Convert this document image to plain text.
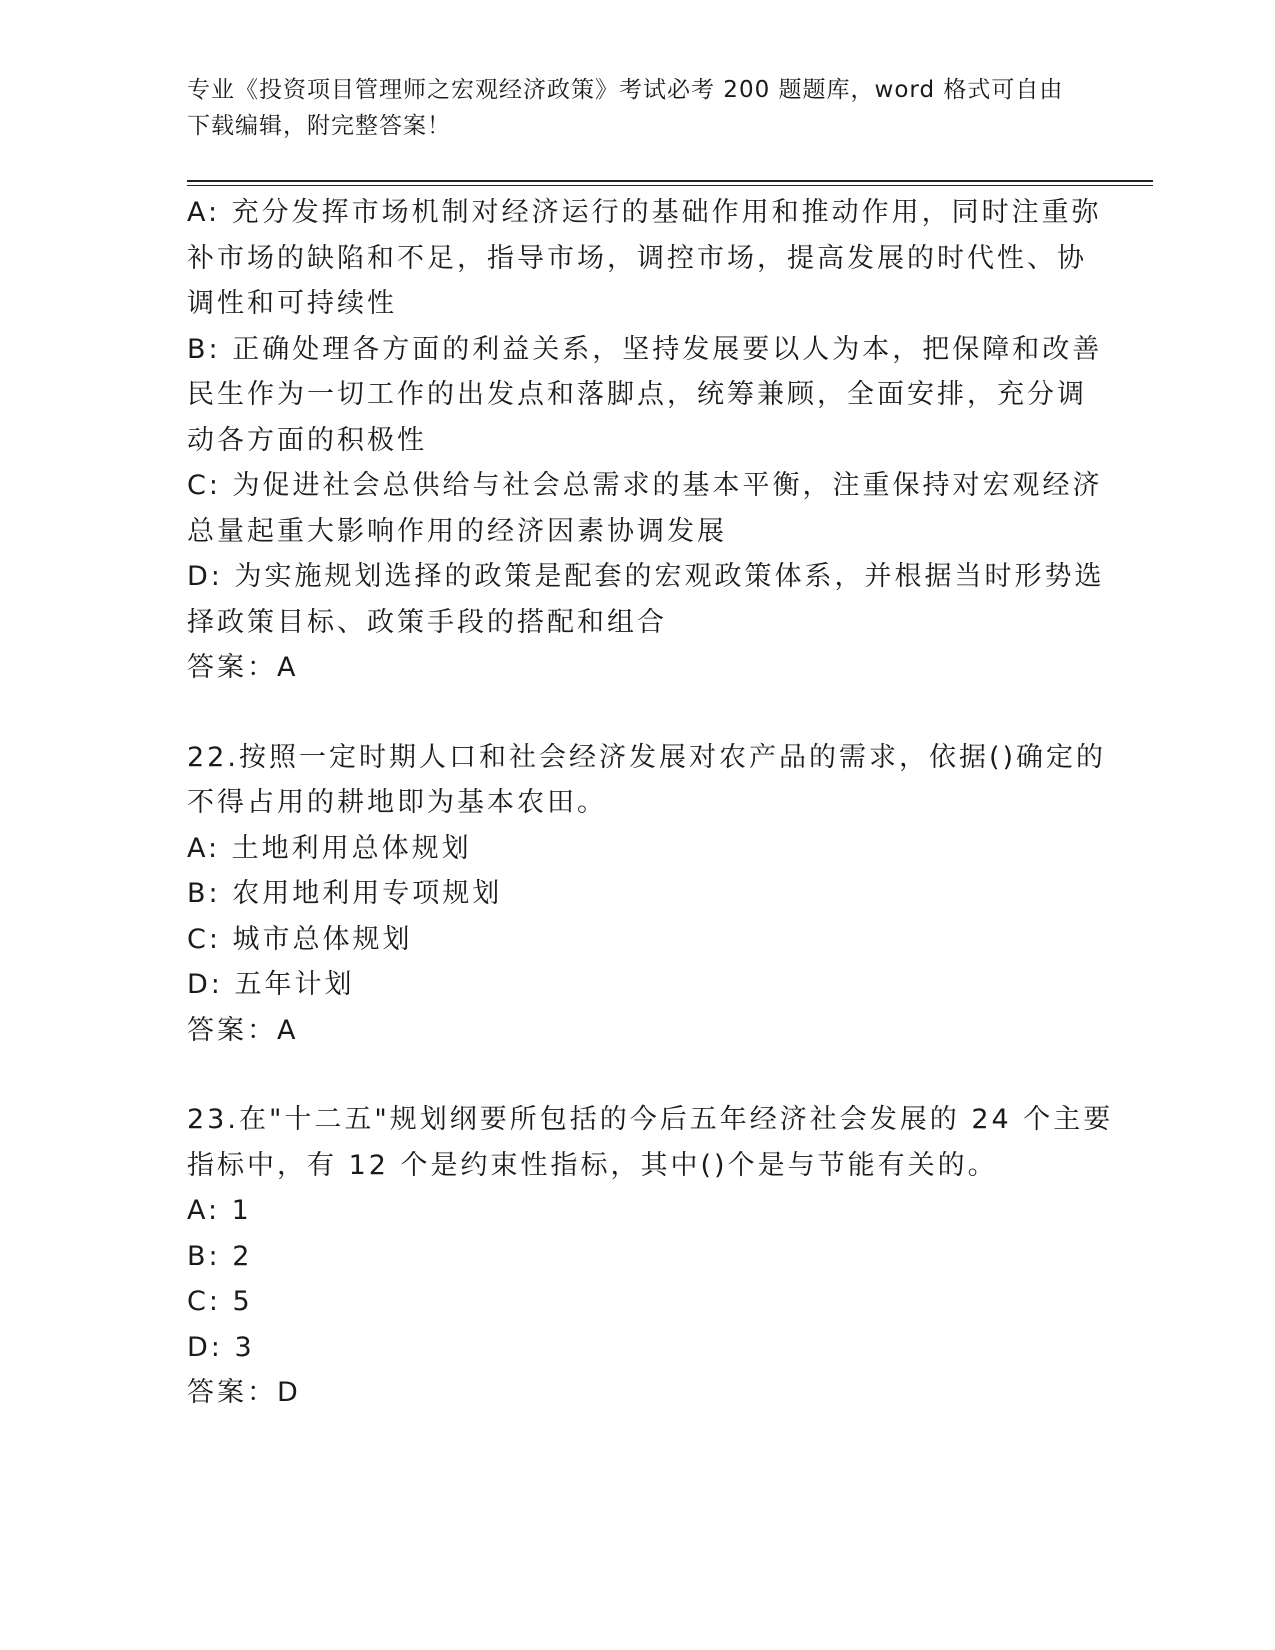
专业《投资项目管理师之宏观经济政策》考试必考 200 题题库，word 格式可自由
下载编辑，附完整答案！
A: 充分发挥市场机制对经济运行的基础作用和推动作用，同时注重弥
补市场的缺陷和不足，指导市场，调控市场，提高发展的时代性、协
调性和可持续性
B: 正确处理各方面的利益关系，坚持发展要以人为本，把保障和改善
民生作为一切工作的出发点和落脚点，统筹兼顾，全面安排，充分调
动各方面的积极性
C: 为促进社会总供给与社会总需求的基本平衡，注重保持对宏观经济
总量起重大影响作用的经济因素协调发展
D: 为实施规划选择的政策是配套的宏观政策体系，并根据当时形势选
择政策目标、政策手段的搭配和组合
答案：A
22.按照一定时期人口和社会经济发展对农产品的需求，依据()确定的
不得占用的耕地即为基本农田。
A: 土地利用总体规划
B: 农用地利用专项规划
C: 城市总体规划
D: 五年计划
答案：A
23.在"十二五"规划纲要所包括的今后五年经济社会发展的 24 个主要
指标中，有 12 个是约束性指标，其中()个是与节能有关的。
A: 1
B: 2
C: 5
D: 3
答案：D
